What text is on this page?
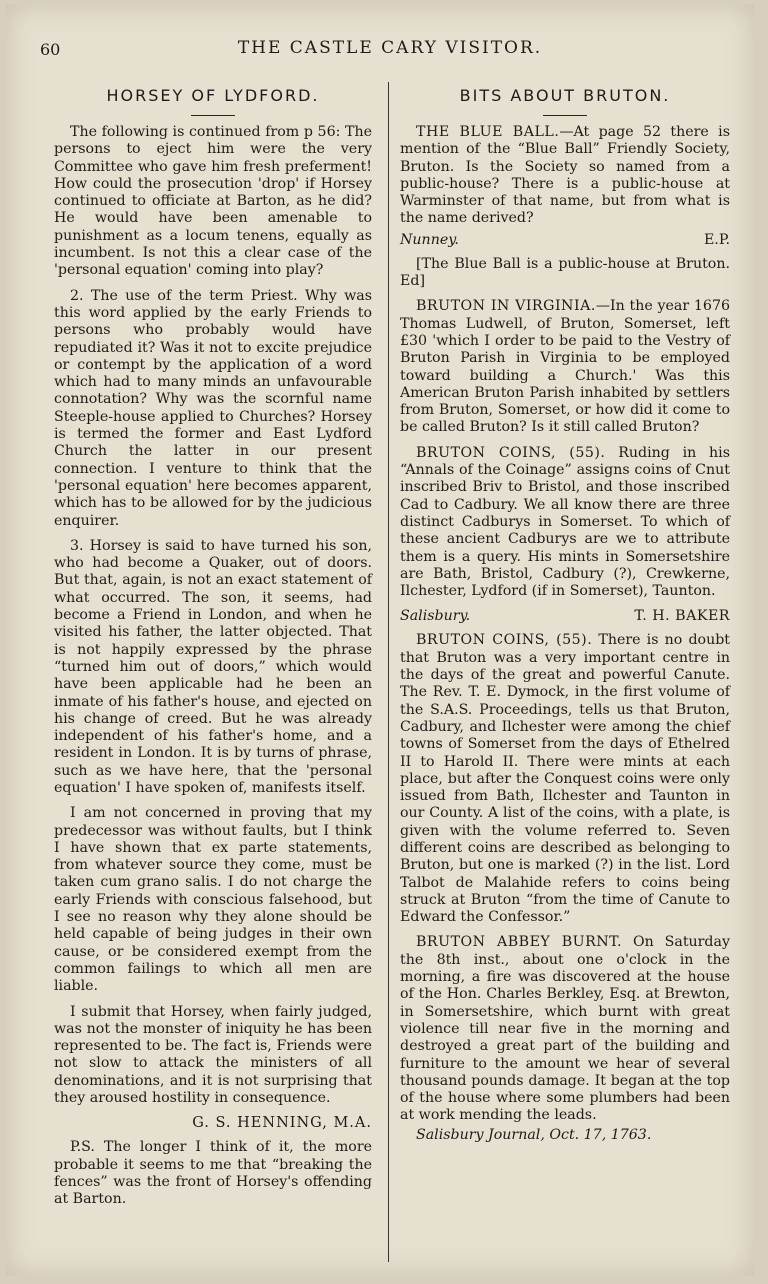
60	THE CASTLE CARY VISITOR.
HORSEY OF LYDFORD.

The following is continued from p 56: The persons to eject him were the very Committee who gave him fresh preferment! How could the prosecution 'drop' if Horsey continued to officiate at Barton, as he did? He would have been amenable to punishment as a locum tenens, equally as incumbent. Is not this a clear case of the 'personal equation' coming into play?

2. The use of the term Priest. Why was this word applied by the early Friends to persons who probably would have repudiated it? Was it not to excite prejudice or contempt by the application of a word which had to many minds an unfavourable connotation? Why was the scornful name Steeple-house applied to Churches? Horsey is termed the former and East Lydford Church the latter in our present connection. I venture to think that the 'personal equation' here becomes apparent, which has to be allowed for by the judicious enquirer.

3. Horsey is said to have turned his son, who had become a Quaker, out of doors. But that, again, is not an exact statement of what occurred. The son, it seems, had become a Friend in London, and when he visited his father, the latter objected. That is not happily expressed by the phrase “turned him out of doors,” which would have been applicable had he been an inmate of his father's house, and ejected on his change of creed. But he was already independent of his father's home, and a resident in London. It is by turns of phrase, such as we have here, that the 'personal equation' I have spoken of, manifests itself.

I am not concerned in proving that my predecessor was without faults, but I think I have shown that ex parte statements, from whatever source they come, must be taken cum grano salis. I do not charge the early Friends with conscious falsehood, but I see no reason why they alone should be held capable of being judges in their own cause, or be considered exempt from the common failings to which all men are liable.

I submit that Horsey, when fairly judged, was not the monster of iniquity he has been represented to be. The fact is, Friends were not slow to attack the ministers of all denominations, and it is not surprising that they aroused hostility in consequence.

G. S. HENNING, M.A.

P.S. The longer I think of it, the more probable it seems to me that “breaking the fences” was the front of Horsey's offending at Barton.

BITS ABOUT BRUTON.

THE BLUE BALL.—At page 52 there is mention of the “Blue Ball” Friendly Society, Bruton. Is the Society so named from a public-house? There is a public-house at Warminster of that name, but from what is the name derived?

Nunney.	E.P.

[The Blue Ball is a public-house at Bruton. Ed]

BRUTON IN VIRGINIA.—In the year 1676 Thomas Ludwell, of Bruton, Somerset, left £30 'which I order to be paid to the Vestry of Bruton Parish in Virginia to be employed toward building a Church.' Was this American Bruton Parish inhabited by settlers from Bruton, Somerset, or how did it come to be called Bruton? Is it still called Bruton?

BRUTON COINS, (55). Ruding in his “Annals of the Coinage” assigns coins of Cnut inscribed Briv to Bristol, and those inscribed Cad to Cadbury. We all know there are three distinct Cadburys in Somerset. To which of these ancient Cadburys are we to attribute them is a query. His mints in Somersetshire are Bath, Bristol, Cadbury (?), Crewkerne, Ilchester, Lydford (if in Somerset), Taunton.

Salisbury.	T. H. BAKER

BRUTON COINS, (55). There is no doubt that Bruton was a very important centre in the days of the great and powerful Canute. The Rev. T. E. Dymock, in the first volume of the S.A.S. Proceedings, tells us that Bruton, Cadbury, and Ilchester were among the chief towns of Somerset from the days of Ethelred II to Harold II. There were mints at each place, but after the Conquest coins were only issued from Bath, Ilchester and Taunton in our County. A list of the coins, with a plate, is given with the volume referred to. Seven different coins are described as belonging to Bruton, but one is marked (?) in the list. Lord Talbot de Malahide refers to coins being struck at Bruton “from the time of Canute to Edward the Confessor.”

BRUTON ABBEY BURNT. On Saturday the 8th inst., about one o'clock in the morning, a fire was discovered at the house of the Hon. Charles Berkley, Esq. at Brewton, in Somersetshire, which burnt with great violence till near five in the morning and destroyed a great part of the building and furniture to the amount we hear of several thousand pounds damage. It began at the top of the house where some plumbers had been at work mending the leads.

Salisbury Journal, Oct. 17, 1763.
